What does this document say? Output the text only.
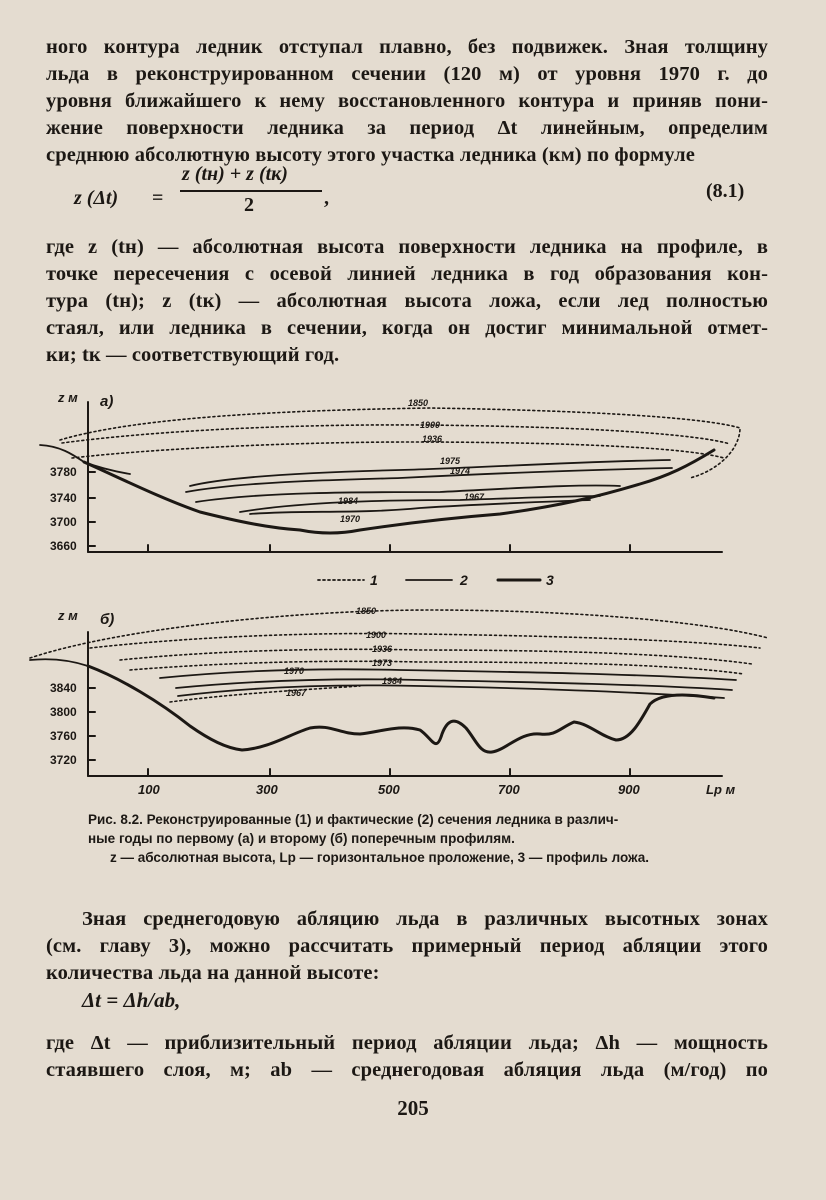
ного контура ледник отступал плавно, без подвижек. Зная толщину
льда в реконструированном сечении (120 м) от уровня 1970 г. до
уровня ближайшего к нему восстановленного контура и приняв пони-
жение поверхности ледника за период Δt линейным, определим
среднюю абсолютную высоту этого участка ледника (км) по формуле
z (Δt) =
z (tн) + z (tк)
2	,	(8.1)
где z (tн) — абсолютная высота поверхности ледника на профиле, в
точке пересечения с осевой линией ледника в год образования кон-
тура (tн); z (tк) — абсолютная высота ложа, если лед полностью
стаял, или ледника в сечении, когда он достиг минимальной отмет-
ки; tк — соответствующий год.
z м а)
3780
3740
3700
3660
1850
1900
1936
1975
1974
1984	1967
1970
1	2	3
z м б)
3840
3800
3760
3720
100	300	500	700	900	Lр м
1850
1900
1936
1973
1970
1984
1967
Рис. 8.2. Реконструированные (1) и фактические (2) сечения ледника в различ-
ные годы по первому (а) и второму (б) поперечным профилям.
z — абсолютная высота, Lр — горизонтальное проложение, 3 — профиль ложа.
Зная среднегодовую абляцию льда в различных высотных зонах
(см. главу 3), можно рассчитать примерный период абляции этого
количества льда на данной высоте:
Δt = Δh/ab,
где Δt — приблизительный период абляции льда; Δh — мощность
стаявшего слоя, м; ab — среднегодовая абляция льда (м/год) по
205
